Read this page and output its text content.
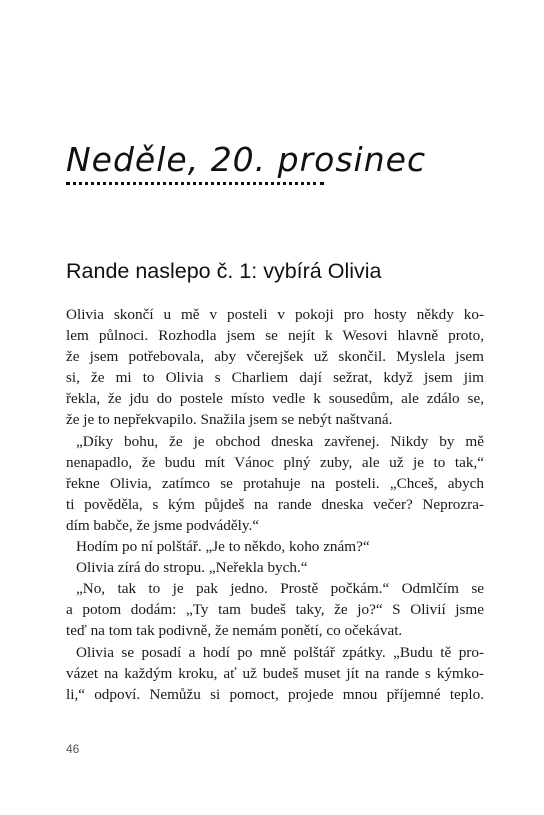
Neděle, 20. prosinec
Rande naslepo č. 1: vybírá Olivia
Olivia skončí u mě v posteli v pokoji pro hosty někdy ko-
lem půlnoci. Rozhodla jsem se nejít k Wesovi hlavně proto,
že jsem potřebovala, aby včerejšek už skončil. Myslela jsem
si, že mi to Olivia s Charliem dají sežrat, když jsem jim
řekla, že jdu do postele místo vedle k sousedům, ale zdálo se,
že je to nepřekvapilo. Snažila jsem se nebýt naštvaná.
„Díky bohu, že je obchod dneska zavřenej. Nikdy by mě
nenapadlo, že budu mít Vánoc plný zuby, ale už je to tak,“
řekne Olivia, zatímco se protahuje na posteli. „Chceš, abych
ti pověděla, s kým půjdeš na rande dneska večer? Neprozra-
dím babče, že jsme podváděly.“
Hodím po ní polštář. „Je to někdo, koho znám?“
Olivia zírá do stropu. „Neřekla bych.“
„No, tak to je pak jedno. Prostě počkám.“ Odmlčím se
a potom dodám: „Ty tam budeš taky, že jo?“ S Olivií jsme
teď na tom tak podivně, že nemám ponětí, co očekávat.
Olivia se posadí a hodí po mně polštář zpátky. „Budu tě pro-
vázet na každým kroku, ať už budeš muset jít na rande s kýmko-
li,“ odpoví. Nemůžu si pomoct, projede mnou příjemné teplo.
46
